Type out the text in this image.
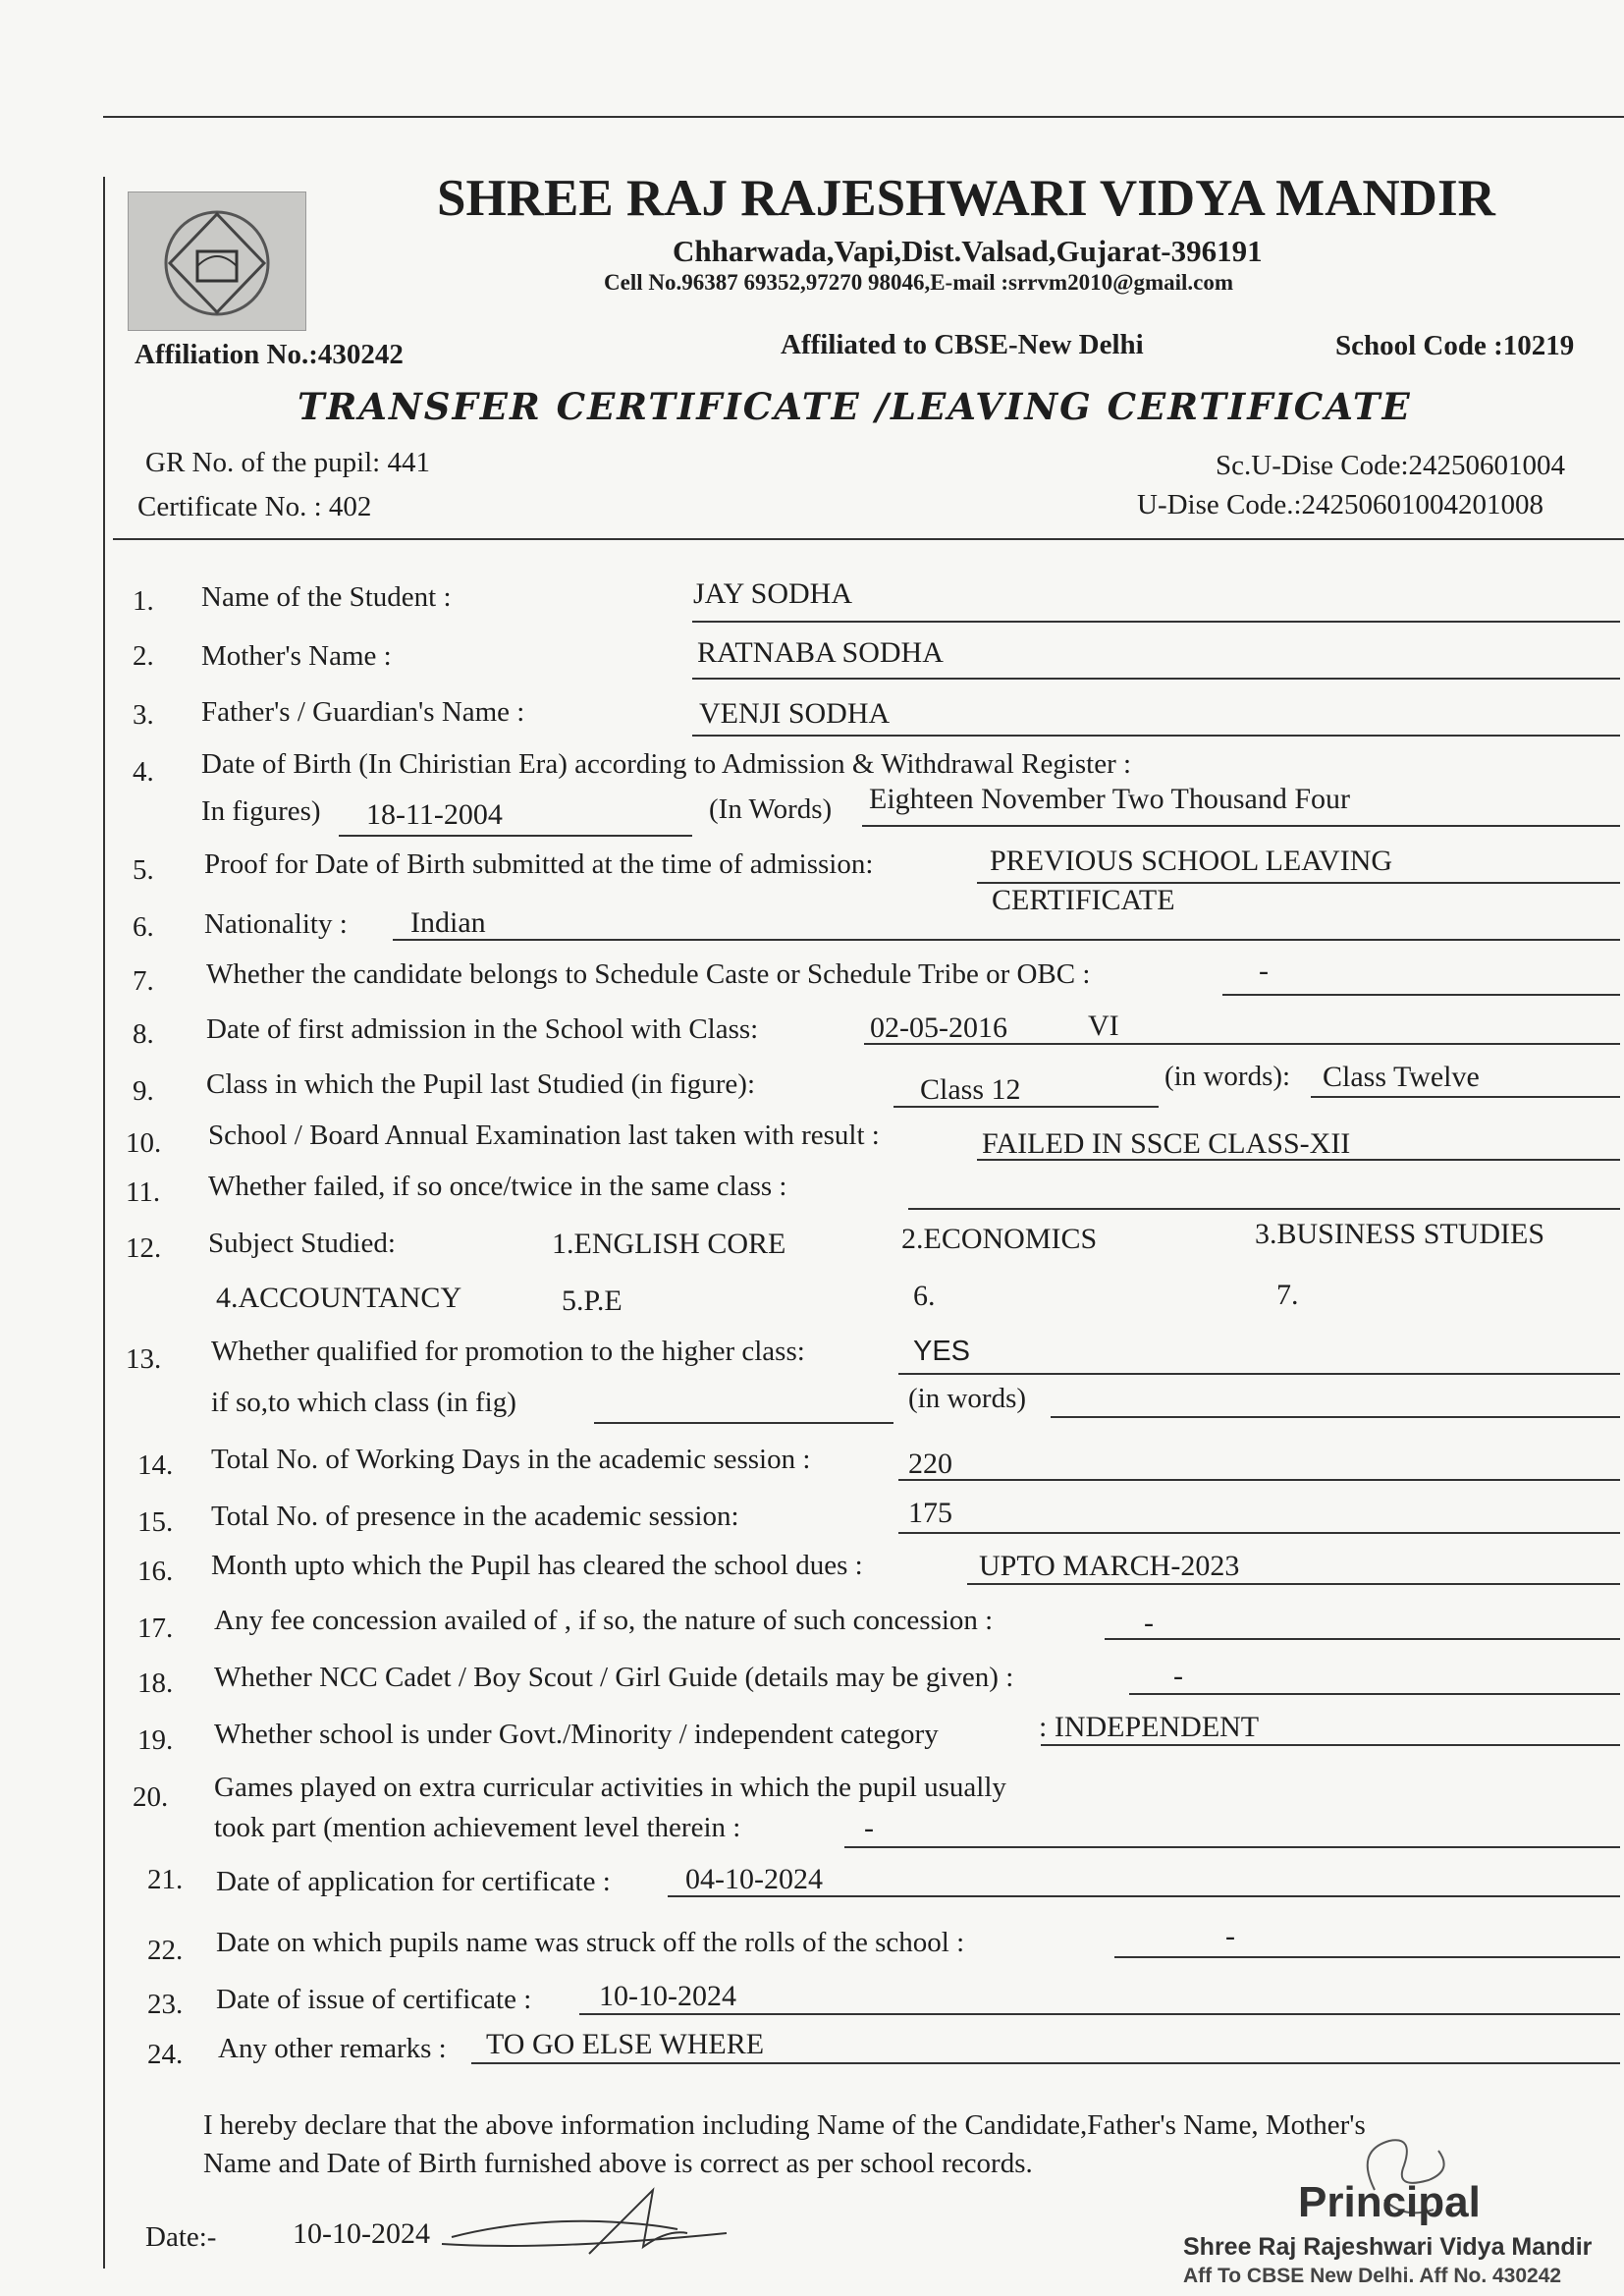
SHREE RAJ RAJESHWARI VIDYA MANDIR
Chharwada,Vapi,Dist.Valsad,Gujarat-396191
Cell No.96387 69352,97270 98046,E-mail :srrvm2010@gmail.com
Affiliation No.:430242	Affiliated to CBSE-New Delhi	School Code :10219
TRANSFER CERTIFICATE /LEAVING CERTIFICATE
GR No. of the pupil: 441
Certificate No. : 402
Sc.U-Dise Code:24250601004
U-Dise Code.:24250601004201008
1. Name of the Student :	JAY SODHA
2. Mother's Name :	RATNABA SODHA
3. Father's / Guardian's Name :	VENJI SODHA
4. Date of Birth (In Chiristian Era) according to Admission & Withdrawal Register :
In figures) 18-11-2004	(In Words) Eighteen November Two Thousand Four
5. Proof for Date of Birth submitted at the time of admission:	PREVIOUS SCHOOL LEAVING
CERTIFICATE
6. Nationality : Indian
7. Whether the candidate belongs to Schedule Caste or Schedule Tribe or OBC :	-
8. Date of first admission in the School with Class:	02-05-2016	VI
9. Class in which the Pupil last Studied (in figure):	Class 12	(in words): Class Twelve
10. School / Board Annual Examination last taken with result :	FAILED IN SSCE CLASS-XII
11. Whether failed, if so once/twice in the same class :
12. Subject Studied:	1.ENGLISH CORE	2.ECONOMICS	3.BUSINESS STUDIES
4.ACCOUNTANCY	5.P.E	6.	7.
13. Whether qualified for promotion to the higher class:	YES
if so,to which class (in fig)	(in words)
14. Total No. of Working Days in the academic session :	220
15. Total No. of presence in the academic session:	175
16. Month upto which the Pupil has cleared the school dues :	UPTO MARCH-2023
17. Any fee concession availed of , if so, the nature of such concession :	-
18. Whether NCC Cadet / Boy Scout / Girl Guide (details may be given) :	-
19. Whether school is under Govt./Minority / independent category	: INDEPENDENT
20. Games played on extra curricular activities in which the pupil usually
took part (mention achievement level therein :	-
21. Date of application for certificate :	04-10-2024
22. Date on which pupils name was struck off the rolls of the school :	-
23. Date of issue of certificate : 10-10-2024
24. Any other remarks : TO GO ELSE WHERE
I hereby declare that the above information including Name of the Candidate,Father's Name, Mother's
Name and Date of Birth furnished above is correct as per school records.
Date:-	10-10-2024
Principal
Shree Raj Rajeshwari Vidya Mandir
Aff To CBSE New Delhi. Aff No. 430242
